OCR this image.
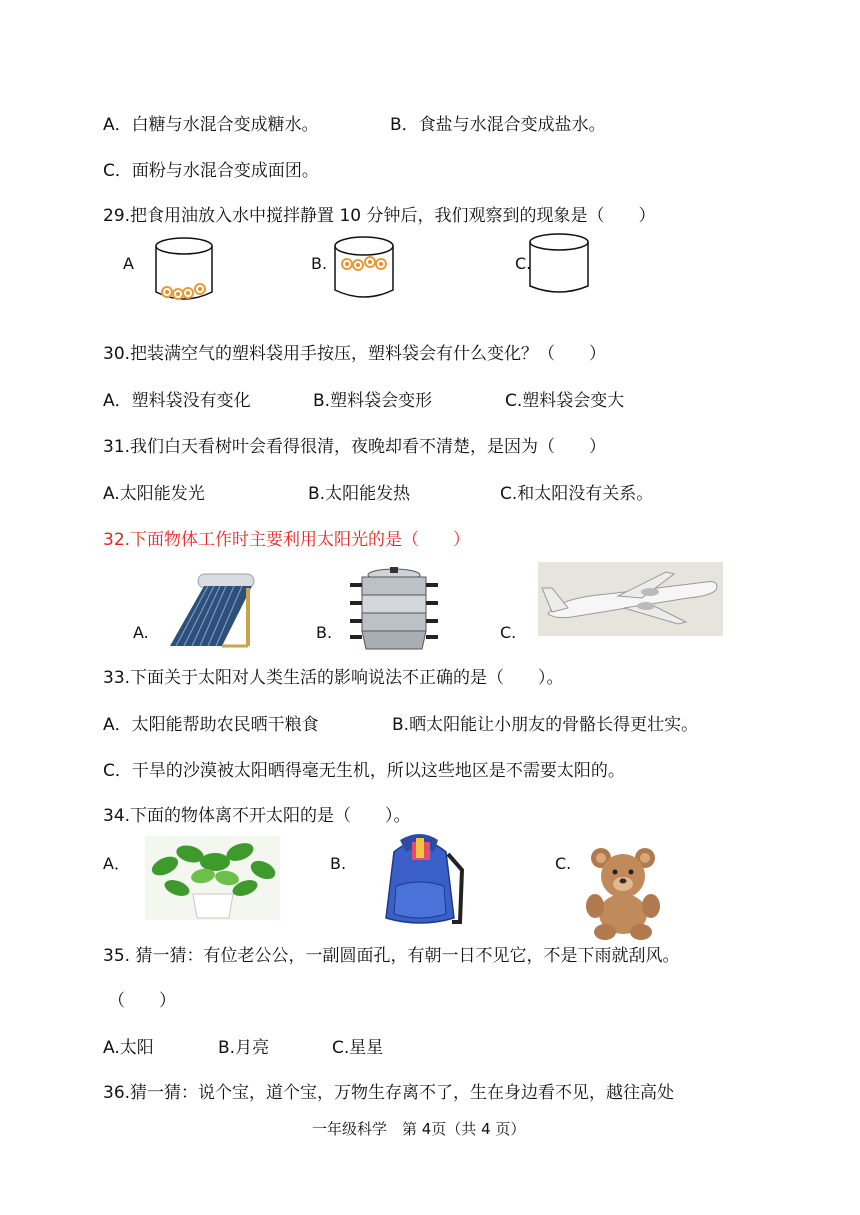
A．白糖与水混合变成糖水。	B．食盐与水混合变成盐水。
C．面粉与水混合变成面团。
29.把食用油放入水中搅拌静置 10 分钟后，我们观察到的现象是（　　）
A	B.	C.
30.把装满空气的塑料袋用手按压，塑料袋会有什么变化？（　　）
A．塑料袋没有变化	B.塑料袋会变形	C.塑料袋会变大
31.我们白天看树叶会看得很清，夜晚却看不清楚，是因为（　　）
A.太阳能发光	B.太阳能发热	C.和太阳没有关系。
32.下面物体工作时主要利用太阳光的是（　　）
A.	B.	C.
33.下面关于太阳对人类生活的影响说法不正确的是（　　）。
A．太阳能帮助农民晒干粮食	B.晒太阳能让小朋友的骨骼长得更壮实。
C．干旱的沙漠被太阳晒得毫无生机，所以这些地区是不需要太阳的。
34.下面的物体离不开太阳的是（　　）。
A．	B.	C.
35. 猜一猜：有位老公公，一副圆面孔，有朝一日不见它，不是下雨就刮风。
（　　）
A.太阳	B.月亮	C.星星
36.猜一猜：说个宝，道个宝，万物生存离不了，生在身边看不见，越往高处
一年级科学　第 4页（共 4 页）
